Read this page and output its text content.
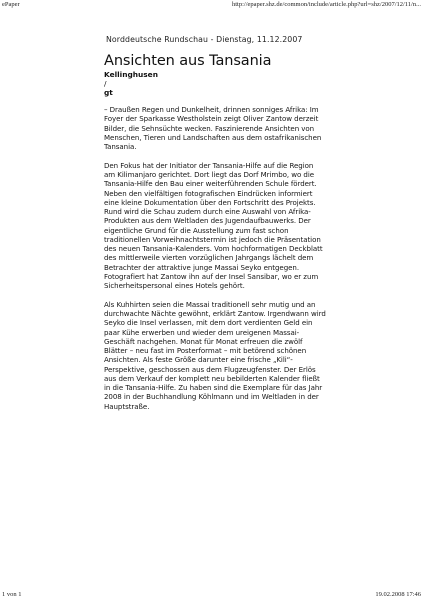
ePaper	http://epaper.shz.de/common/include/article.php?url=shz/2007/12/11/n...
Norddeutsche Rundschau - Dienstag, 11.12.2007
Ansichten aus Tansania
Kellinghusen
/
gt

– Draußen Regen und Dunkelheit, drinnen sonniges Afrika: Im Foyer der Sparkasse Westholstein zeigt Oliver Zantow derzeit Bilder, die Sehnsüchte wecken. Faszinierende Ansichten von Menschen, Tieren und Landschaften aus dem ostafrikanischen Tansania.

Den Fokus hat der Initiator der Tansania-Hilfe auf die Region am Kilimanjaro gerichtet. Dort liegt das Dorf Mrimbo, wo die Tansania-Hilfe den Bau einer weiterführenden Schule fördert. Neben den vielfältigen fotografischen Eindrücken informiert eine kleine Dokumentation über den Fortschritt des Projekts. Rund wird die Schau zudem durch eine Auswahl von Afrika-Produkten aus dem Weltladen des Jugendaufbauwerks. Der eigentliche Grund für die Ausstellung zum fast schon traditionellen Vorweihnachtstermin ist jedoch die Präsentation des neuen Tansania-Kalenders. Vom hochformatigen Deckblatt des mittlerweile vierten vorzüglichen Jahrgangs lächelt dem Betrachter der attraktive junge Massai Seyko entgegen. Fotografiert hat Zantow ihn auf der Insel Sansibar, wo er zum Sicherheitspersonal eines Hotels gehört.

Als Kuhhirten seien die Massai traditionell sehr mutig und an durchwachte Nächte gewöhnt, erklärt Zantow. Irgendwann wird Seyko die Insel verlassen, mit dem dort verdienten Geld ein paar Kühe erwerben und wieder dem ureigenen Massai-Geschäft nachgehen. Monat für Monat erfreuen die zwölf Blätter – neu fast im Posterformat – mit betörend schönen Ansichten. Als feste Größe darunter eine frische „Kili“-Perspektive, geschossen aus dem Flugzeugfenster. Der Erlös aus dem Verkauf der komplett neu bebilderten Kalender fließt in die Tansania-Hilfe. Zu haben sind die Exemplare für das Jahr 2008 in der Buchhandlung Köhlmann und im Weltladen in der Hauptstraße.

1 von 1	19.02.2008 17:46
